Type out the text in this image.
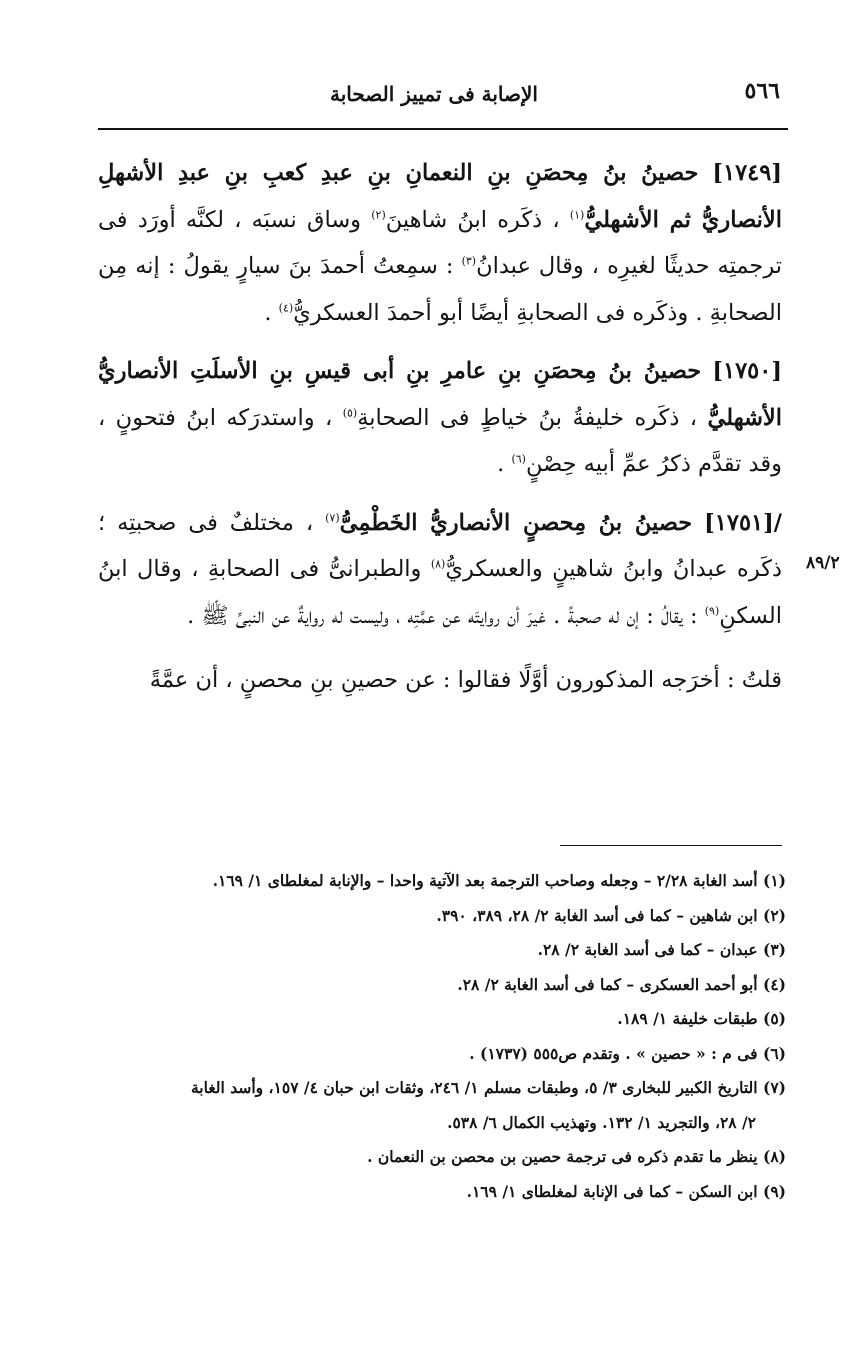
٥٦٦
الإصابة فى تمييز الصحابة

[١٧٤٩] حصينُ بنُ مِحصَنِ بنِ النعمانِ بنِ عبدِ كعبِ بنِ عبدِ الأشهلِ الأنصاريُّ ثم الأشهليُّ$^{(١)}$ ، ذكَره ابنُ شاهينَ$^{(٢)}$ وساق نسبَه ، لكنَّه أورَد فى ترجمتِه حديثًا لغيرِه ، وقال عبدانُ$^{(٣)}$ : سمِعتُ أحمدَ بنَ سيارٍ يقولُ : إنه مِن الصحابةِ . وذكَره فى الصحابةِ أيضًا أبو أحمدَ العسكريُّ$^{(٤)}$ .

[١٧٥٠] حصينُ بنُ مِحصَنِ بنِ عامرِ بنِ أبى قيسِ بنِ الأسلَتِ الأنصاريُّ الأشهليُّ ، ذكَره خليفةُ بنُ خياطٍ فى الصحابةِ$^{(٥)}$ ، واستدرَكه ابنُ فتحونٍ ، وقد تقدَّم ذكرُ عمِّ أبيه حِصْنٍ$^{(٦)}$ .

/[١٧٥١] حصينُ بنُ مِحصنٍ الأنصاريُّ الخَطْمِىُّ$^{(٧)}$ ، مختلفٌ فى صحبتِه ؛ ذكَره عبدانُ وابنُ شاهينٍ والعسكريُّ$^{(٨)}$ والطبرانىُّ فى الصحابةِ ، وقال ابنُ السكنِ$^{(٩)}$ : يقالُ : إن له صحبةً . غيرَ أن روايتَه عن عمَّتِه ، وليست له روايةٌ عن النبىِّ ﷺ .

قلتُ : أخرَجه المذكورون أوَّلًا فقالوا : عن حصينِ بنِ محصنٍ ، أن عمَّةً

٨٩/٢

(١) أسد الغابة ٢/٢٨ – وجعله وصاحب الترجمة بعد الآتية واحدا – والإنابة لمغلطاى ١/ ١٦٩.

(٢) ابن شاهين – كما فى أسد الغابة ٢/ ٢٨، ٣٨٩، ٣٩٠.

(٣) عبدان – كما فى أسد الغابة ٢/ ٢٨.

(٤) أبو أحمد العسكرى – كما فى أسد الغابة ٢/ ٢٨.

(٥) طبقات خليفة ١/ ١٨٩.

(٦) فى م : « حصين » . وتقدم ص٥٥٥ (١٧٣٧) .

(٧) التاريخ الكبير للبخارى ٣/ ٥، وطبقات مسلم ١/ ٢٤٦، وثقات ابن حبان ٤/ ١٥٧، وأسد الغابة
٢/ ٢٨، والتجريد ١/ ١٣٢. وتهذيب الكمال ٦/ ٥٣٨.

(٨) ينظر ما تقدم ذكره فى ترجمة حصين بن محصن بن النعمان .

(٩) ابن السكن – كما فى الإنابة لمغلطاى ١/ ١٦٩.
